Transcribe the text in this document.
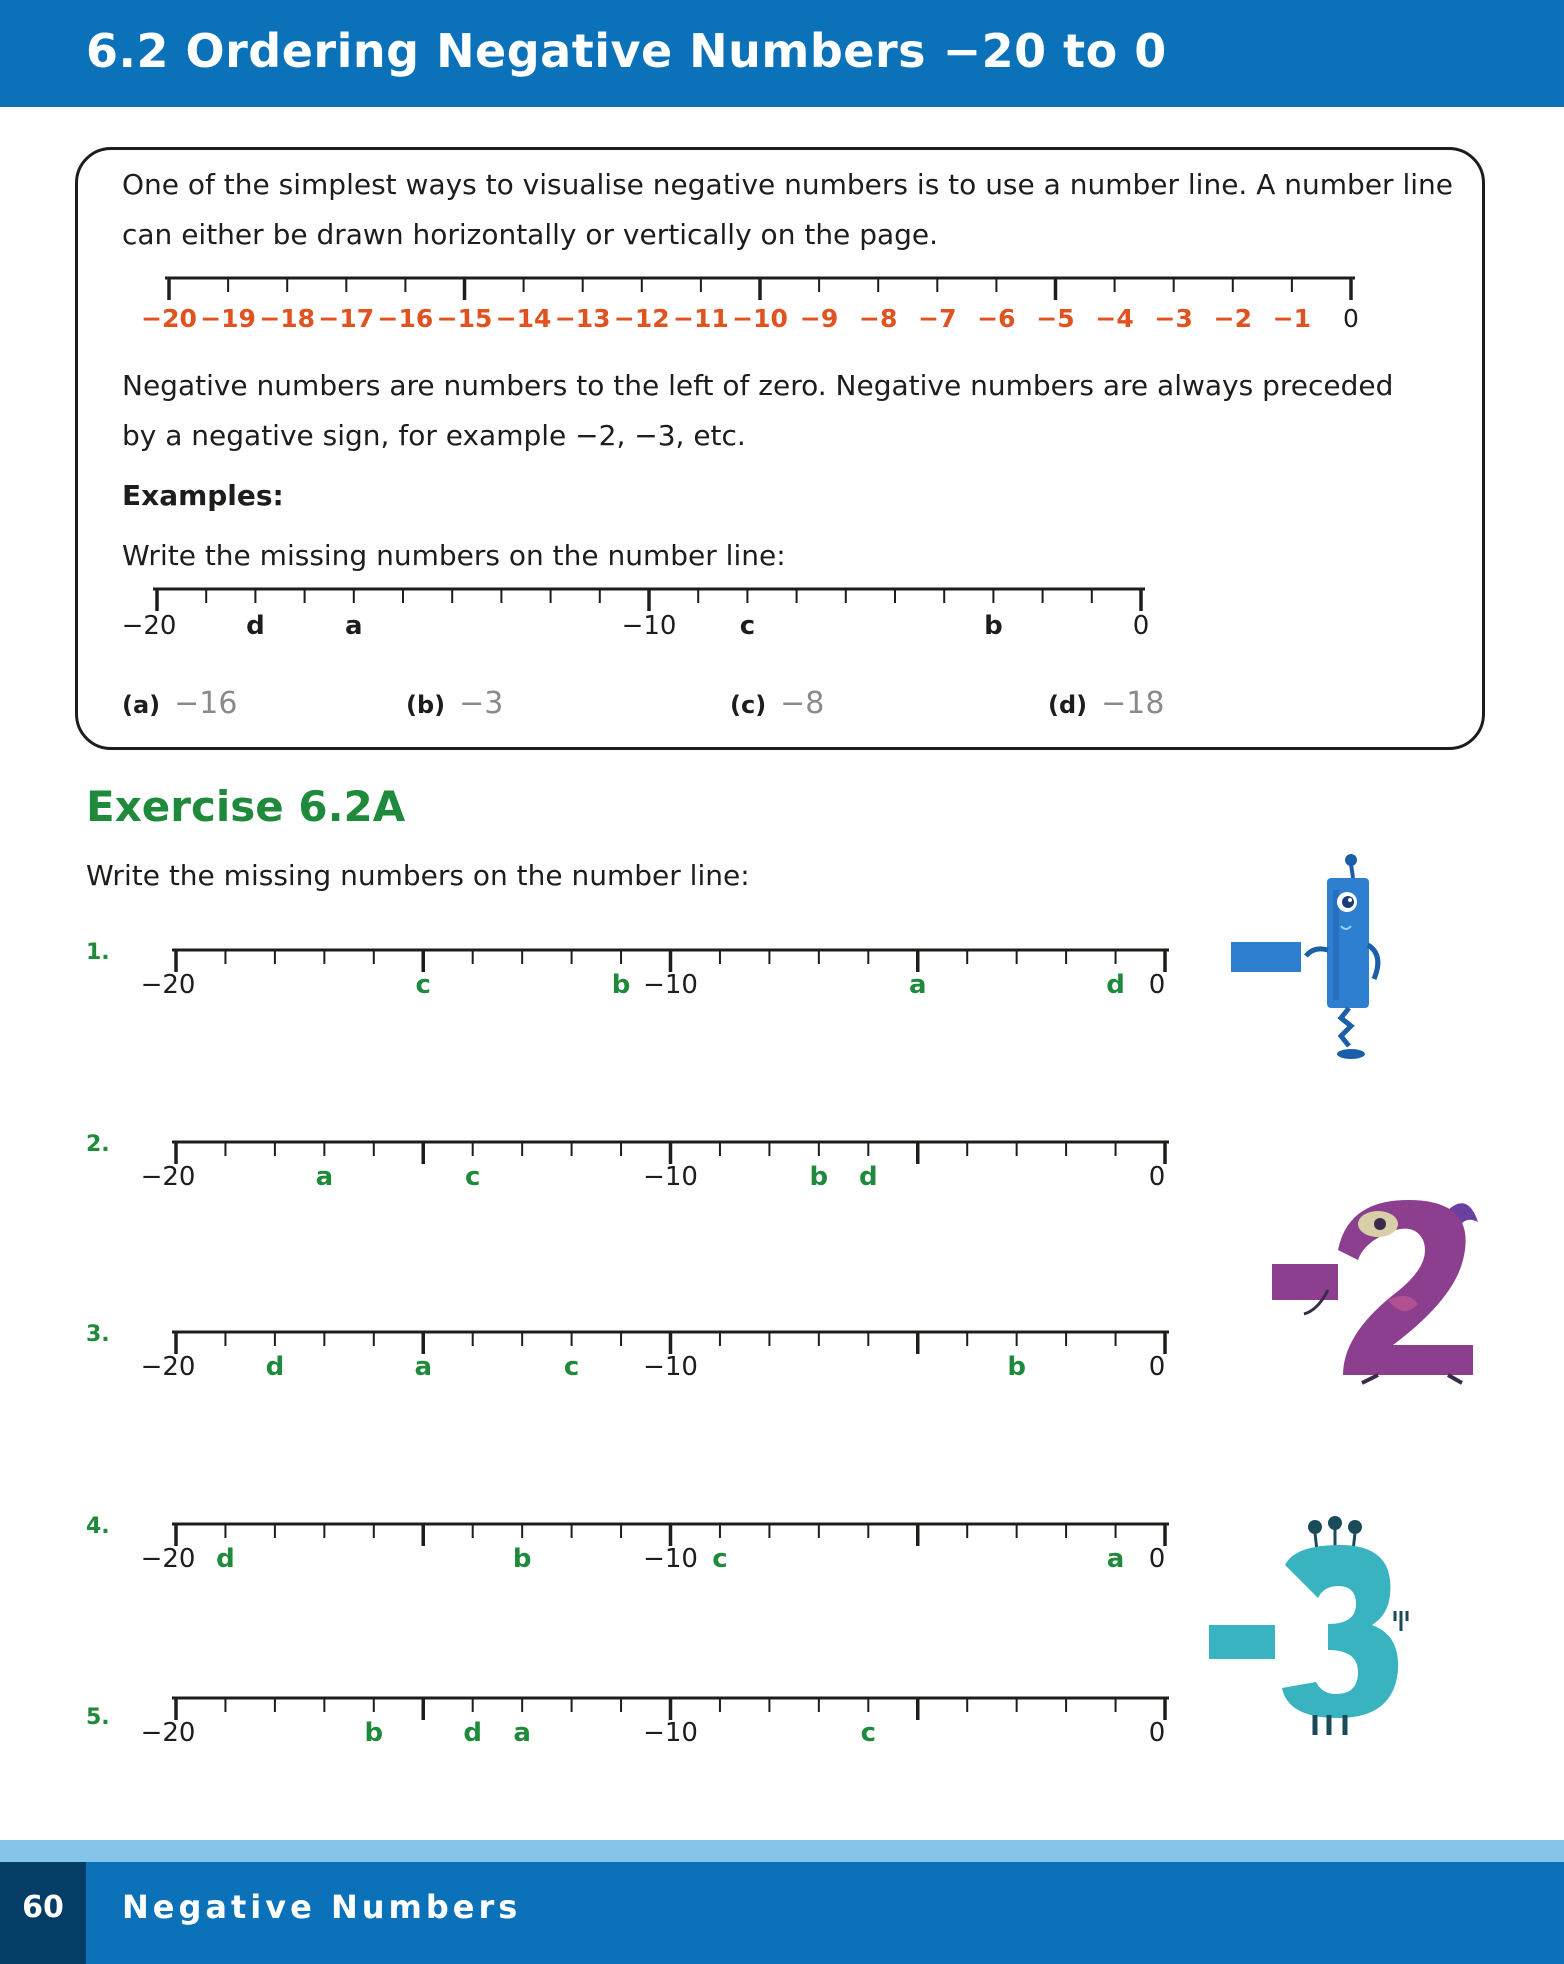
6.2 Ordering Negative Numbers −20 to 0

One of the simplest ways to visualise negative numbers is to use a number line. A number line

can either be drawn horizontally or vertically on the page.

−20 −19 −18 −17 −16 −15 −14 −13 −12 −11 −10 −9 −8 −7 −6 −5 −4 −3 −2 −1 0
−20	−10	0
d	a	c	b
−20	−10	0
c	b	a	d
−20	−10	0
a	c	b d
−20	−10	0
d	a	c	b
−20	−10	0
d	b	c	a
−20	−10	0
b	d a	c

Negative numbers are numbers to the left of zero. Negative numbers are always preceded

by a negative sign, for example −2, −3, etc.

Examples:

Write the missing numbers on the number line:

(a) −16	(b) −3	(c) −8	(d) −18
Exercise 6.2A

Write the missing numbers on the number line:

1.
2.
3.
4.
5.
60	Negative Numbers
